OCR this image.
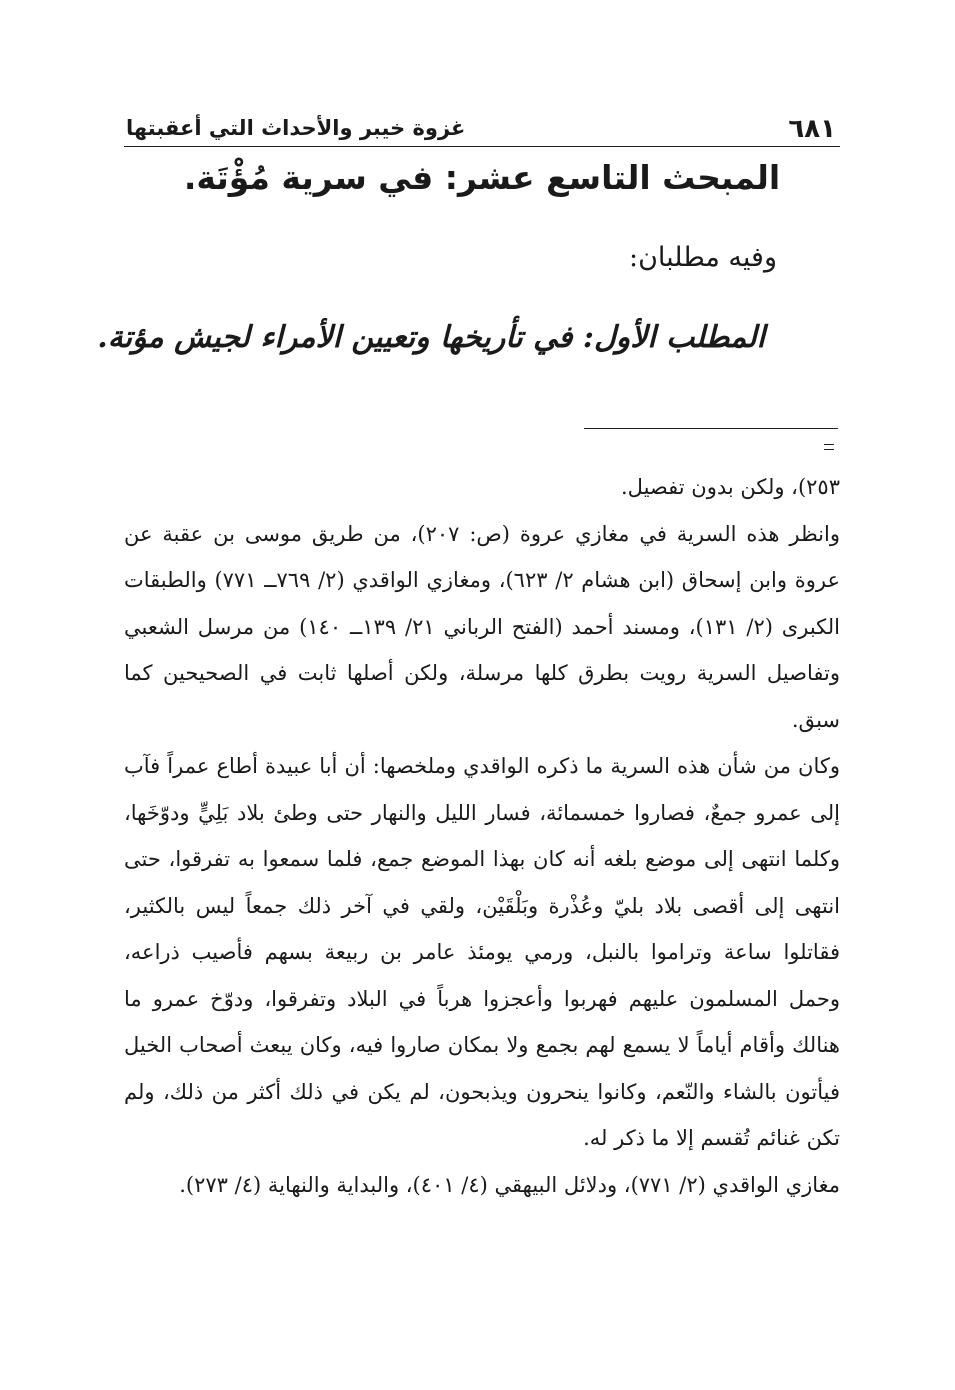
٦٨١
غزوة خيبر والأحداث التي أعقبتها
المبحث التاسع عشر: في سرية مُؤْتَة.
وفيه مطلبان:
المطلب الأول: في تأريخها وتعيين الأمراء لجيش مؤتة.

٢٥٣)، ولكن بدون تفصيل.

وانظر هذه السرية في مغازي عروة (ص: ٢٠٧)، من طريق موسى بن عقبة عن عروة وابن إسحاق (ابن هشام ٢/ ٦٢٣)، ومغازي الواقدي (٢/ ٧٦٩ــ ٧٧١) والطبقات الكبرى (٢/ ١٣١)، ومسند أحمد (الفتح الرباني ٢١/ ١٣٩ــ ١٤٠) من مرسل الشعبي وتفاصيل السرية رويت بطرق كلها مرسلة، ولكن أصلها ثابت في الصحيحين كما سبق.

وكان من شأن هذه السرية ما ذكره الواقدي وملخصها: أن أبا عبيدة أطاع عمراً فآب إلى عمرو جمعٌ، فصاروا خمسمائة، فسار الليل والنهار حتى وطئ بلاد بَلِيٍّ ودوّخَها، وكلما انتهى إلى موضع بلغه أنه كان بهذا الموضع جمع، فلما سمعوا به تفرقوا، حتى انتهى إلى أقصى بلاد بليّ وعُذْرة وبَلْقَيْن، ولقي في آخر ذلك جمعاً ليس بالكثير، فقاتلوا ساعة وتراموا بالنبل، ورمي يومئذ عامر بن ربيعة بسهم فأصيب ذراعه، وحمل المسلمون عليهم فهربوا وأعجزوا هرباً في البلاد وتفرقوا، ودوّخ عمرو ما هنالك وأقام أياماً لا يسمع لهم بجمع ولا بمكان صاروا فيه، وكان يبعث أصحاب الخيل فيأتون بالشاء والنّعم، وكانوا ينحرون ويذبحون، لم يكن في ذلك أكثر من ذلك، ولم تكن غنائم تُقسم إلا ما ذكر له.

مغازي الواقدي (٢/ ٧٧١)، ودلائل البيهقي (٤/ ٤٠١)، والبداية والنهاية (٤/ ٢٧٣).
